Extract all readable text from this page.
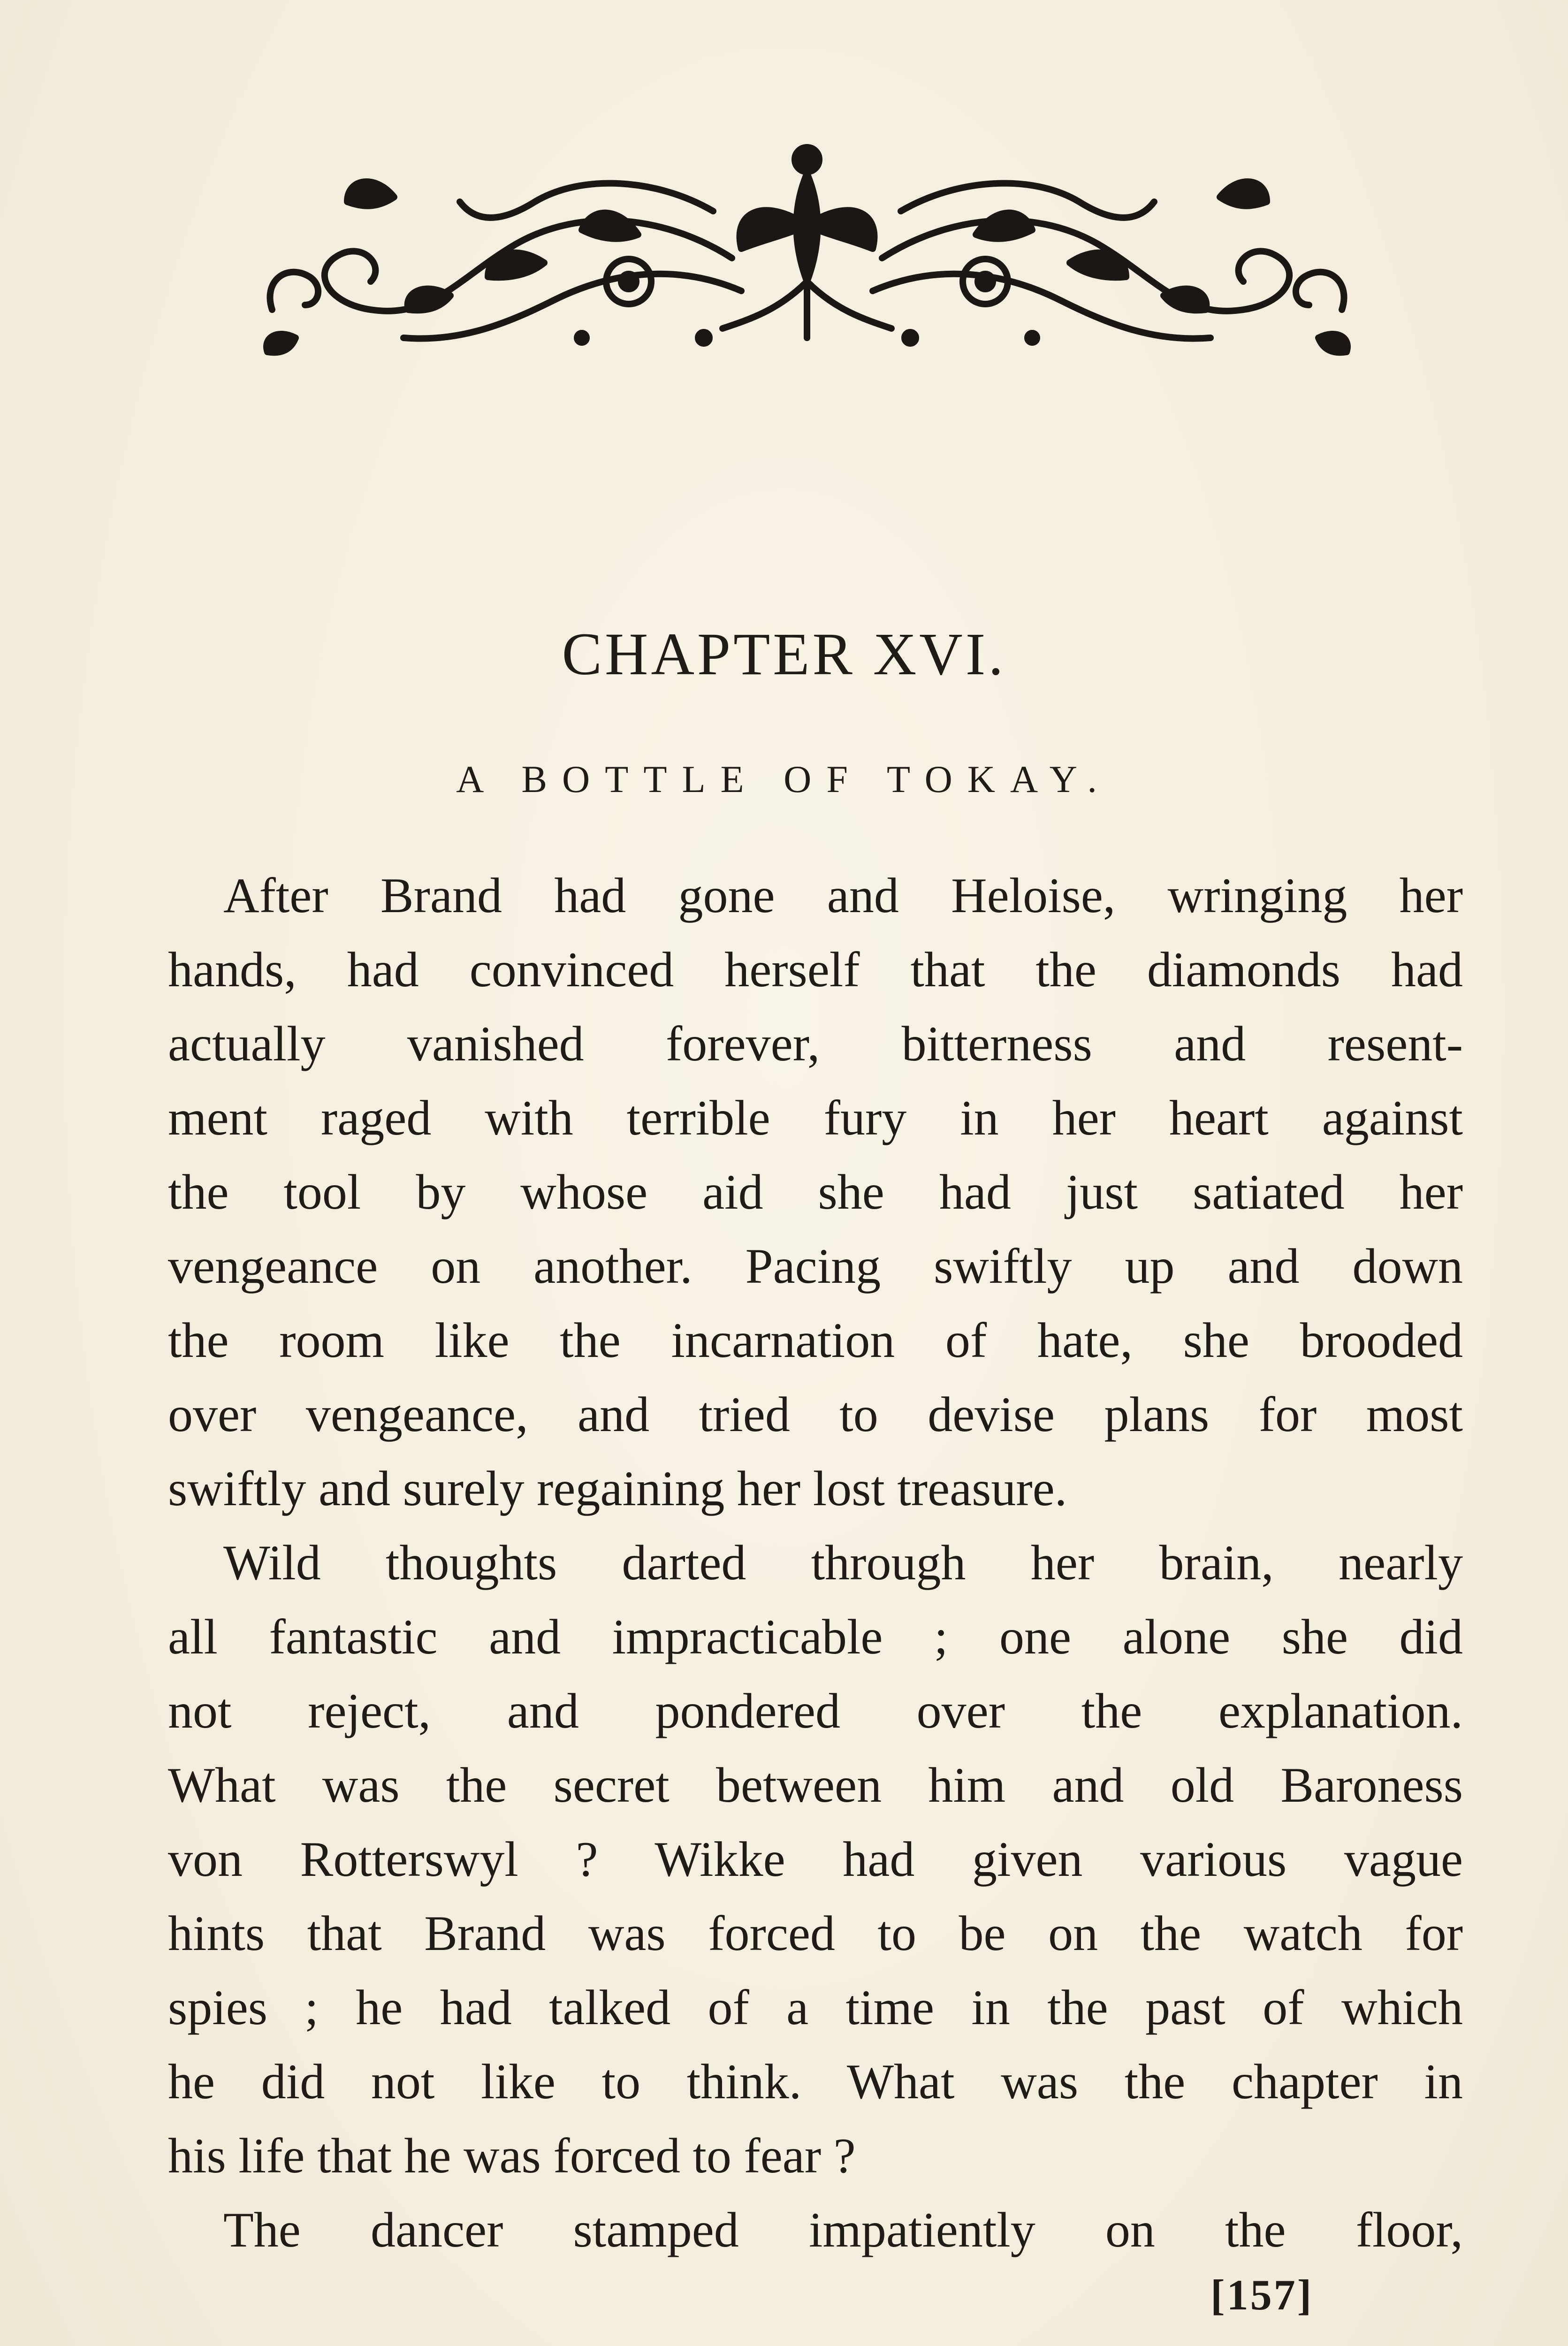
CHAPTER XVI.
A BOTTLE OF TOKAY.
After Brand had gone and Heloise, wringing her
hands, had convinced herself that the diamonds had
actually vanished forever, bitterness and resent-
ment raged with terrible fury in her heart against
the tool by whose aid she had just satiated her
vengeance on another. Pacing swiftly up and down
the room like the incarnation of hate, she brooded
over vengeance, and tried to devise plans for most
swiftly and surely regaining her lost treasure.
Wild thoughts darted through her brain, nearly
all fantastic and impracticable ; one alone she did
not reject, and pondered over the explanation.
What was the secret between him and old Baroness
von Rotterswyl ? Wikke had given various vague
hints that Brand was forced to be on the watch for
spies ; he had talked of a time in the past of which
he did not like to think. What was the chapter in
his life that he was forced to fear ?
The dancer stamped impatiently on the floor,
[157]
